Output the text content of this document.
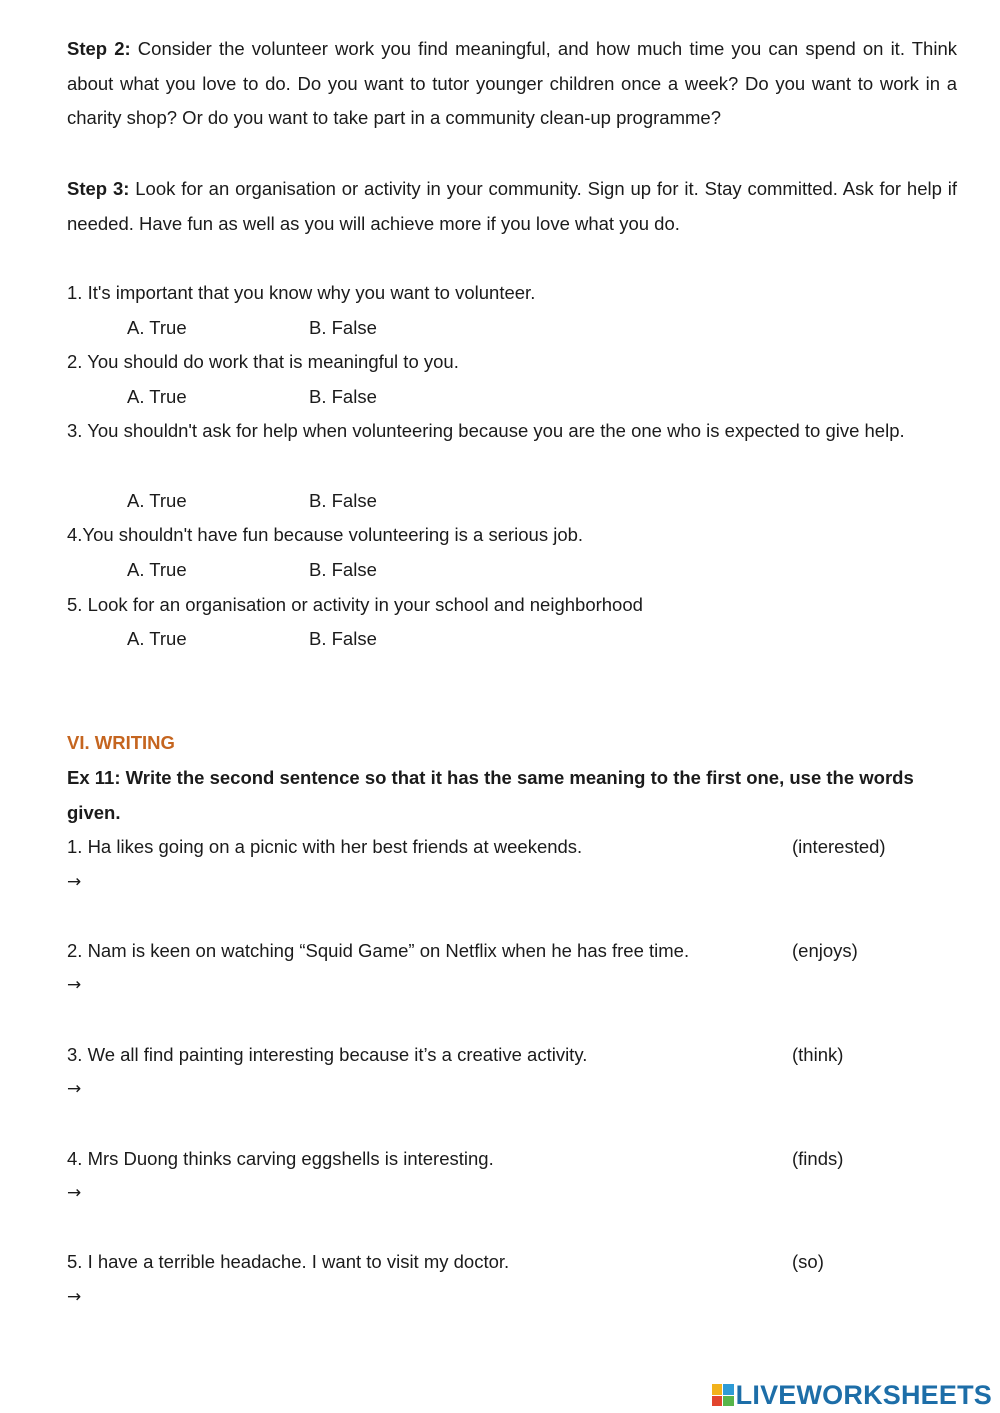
Step 2: Consider the volunteer work you find meaningful, and how much time you can spend on it. Think about what you love to do. Do you want to tutor younger children once a week? Do you want to work in a charity shop? Or do you want to take part in a community clean-up programme?

Step 3: Look for an organisation or activity in your community. Sign up for it. Stay committed. Ask for help if needed. Have fun as well as you will achieve more if you love what you do.

1. It's important that you know why you want to volunteer.
A. True	B. False
2. You should do work that is meaningful to you.
A. True	B. False
3. You shouldn't ask for help when volunteering because you are the one who is expected to give help.
A. True	B. False
4.You shouldn't have fun because volunteering is a serious job.
A. True	B. False
5. Look for an organisation or activity in your school and neighborhood
A. True	B. False
VI. WRITING
Ex 11: Write the second sentence so that it has the same meaning to the first one, use the words given.
1. Ha likes going on a picnic with her best friends at weekends.	(interested)
→
2. Nam is keen on watching “Squid Game” on Netflix when he has free time.	(enjoys)
→
3. We all find painting interesting because it’s a creative activity.	(think)
→
4. Mrs Duong thinks carving eggshells is interesting.	(finds)
→
5. I have a terrible headache. I want to visit my doctor.	(so)
→
LIVEWORKSHEETS
